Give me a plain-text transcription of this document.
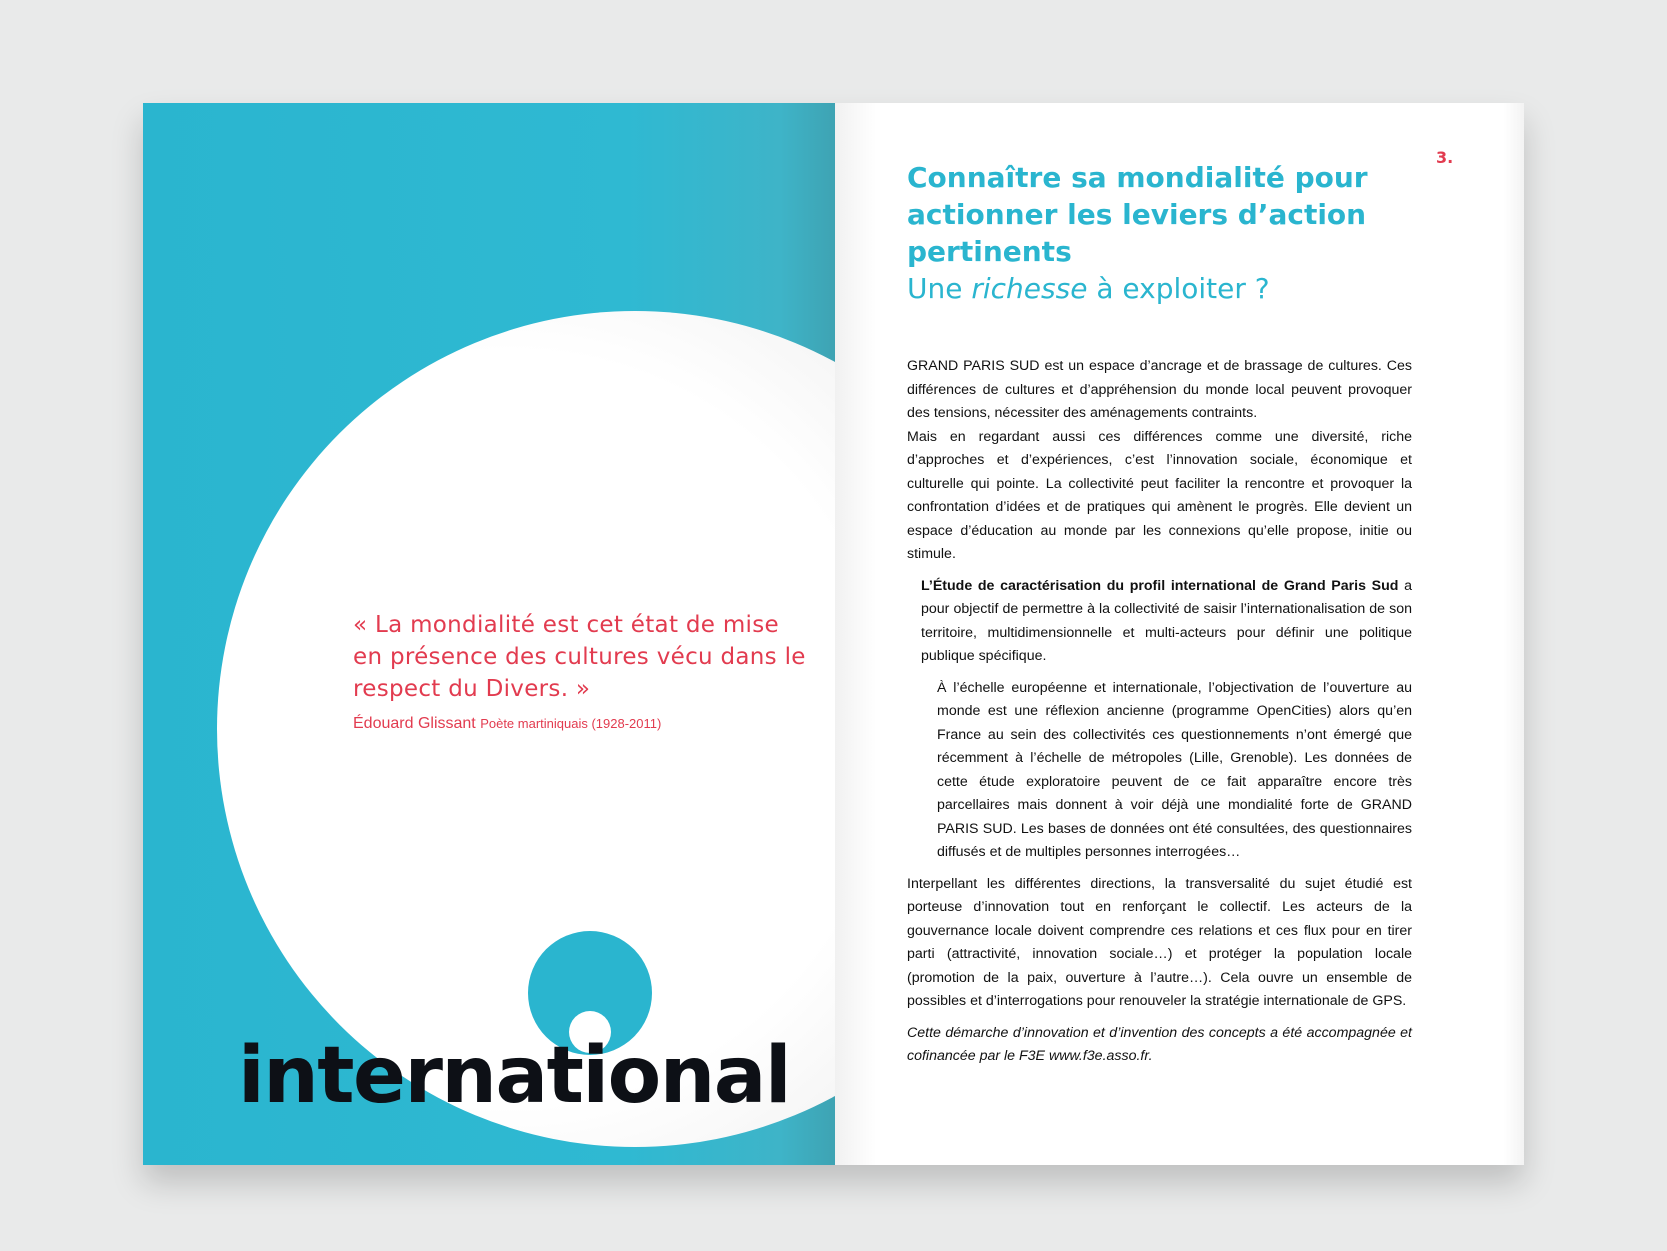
« La mondialité est cet état de mise en présence des cultures vécu dans le respect du Divers. »
Édouard Glissant Poète martiniquais (1928-2011)
international
3.
Connaître sa mondialité pour actionner les leviers d’action pertinents
Une richesse à exploiter ?

GRAND PARIS SUD est un espace d’ancrage et de brassage de cultures. Ces différences de cultures et d’appréhension du monde local peuvent provoquer des tensions, nécessiter des aménagements contraints.

Mais en regardant aussi ces différences comme une diversité, riche d’approches et d’expériences, c’est l’innovation sociale, économique et culturelle qui pointe. La collectivité peut faciliter la rencontre et provoquer la confrontation d’idées et de pratiques qui amènent le progrès. Elle devient un espace d’éducation au monde par les connexions qu’elle propose, initie ou stimule.

L’Étude de caractérisation du profil international de Grand Paris Sud a pour objectif de permettre à la collectivité de saisir l’internationalisation de son territoire, multidimensionnelle et multi-acteurs pour définir une politique publique spécifique.

À l’échelle européenne et internationale, l’objectivation de l’ouverture au monde est une réflexion ancienne (programme OpenCities) alors qu’en France au sein des collectivités ces questionnements n’ont émergé que récemment à l’échelle de métropoles (Lille, Grenoble). Les données de cette étude exploratoire peuvent de ce fait apparaître encore très parcellaires mais donnent à voir déjà une mondialité forte de GRAND PARIS SUD. Les bases de données ont été consultées, des questionnaires diffusés et de multiples personnes interrogées…

Interpellant les différentes directions, la transversalité du sujet étudié est porteuse d’innovation tout en renforçant le collectif. Les acteurs de la gouvernance locale doivent comprendre ces relations et ces flux pour en tirer parti (attractivité, innovation sociale…) et protéger la population locale (promotion de la paix, ouverture à l’autre…). Cela ouvre un ensemble de possibles et d’interrogations pour renouveler la stratégie internationale de GPS.

Cette démarche d’innovation et d’invention des concepts a été accompagnée et cofinancée par le F3E www.f3e.asso.fr.
